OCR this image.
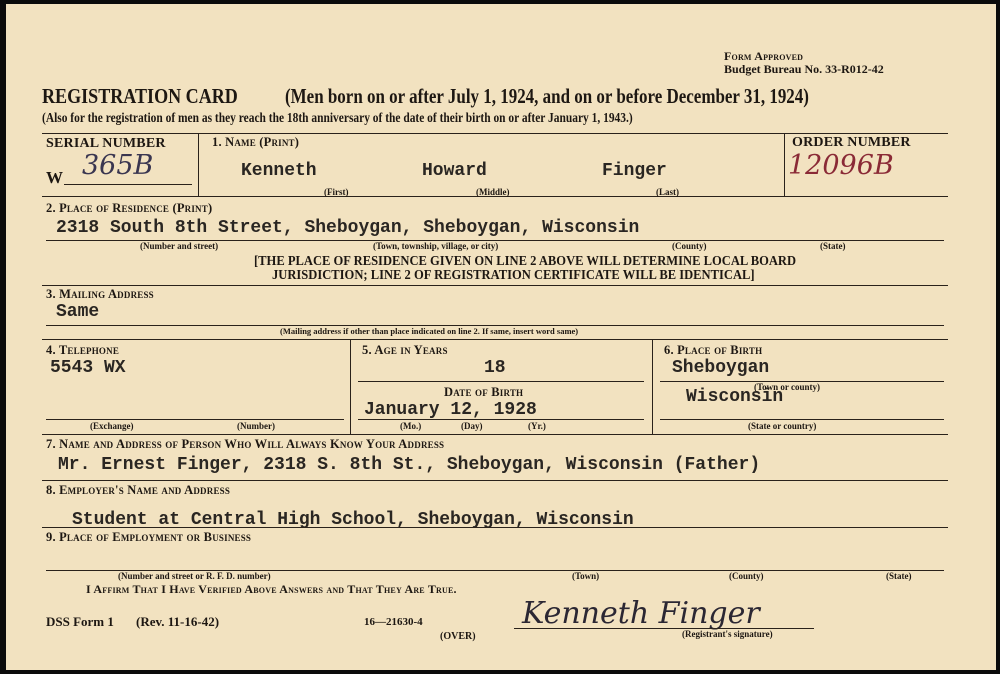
Form Approved
Budget Bureau No. 33-R012-42
REGISTRATION CARD (Men born on or after July 1, 1924, and on or before December 31, 1924)
(Also for the registration of men as they reach the 18th anniversary of the date of their birth on or after January 1, 1943.)
SERIAL NUMBER
W 365B
1. Name (Print)
Kenneth	Howard	Finger
(First)	(Middle)	(Last)
ORDER NUMBER
12096B
2. Place of Residence (Print)
2318 South 8th Street, Sheboygan, Sheboygan, Wisconsin
(Number and street)	(Town, township, village, or city)	(County)	(State)
[THE PLACE OF RESIDENCE GIVEN ON LINE 2 ABOVE WILL DETERMINE LOCAL BOARD
JURISDICTION; LINE 2 OF REGISTRATION CERTIFICATE WILL BE IDENTICAL]
3. Mailing Address
Same
(Mailing address if other than place indicated on line 2. If same, insert word same)
4. Telephone
5543 WX
(Exchange)	(Number)
5. Age in Years
18
Date of Birth
January 12, 1928
(Mo.)	(Day)	(Yr.)
6. Place of Birth
Sheboygan
(Town or county)
Wisconsin
(State or country)
7. Name and Address of Person Who Will Always Know Your Address
Mr. Ernest Finger, 2318 S. 8th St., Sheboygan, Wisconsin (Father)
8. Employer's Name and Address
Student at Central High School, Sheboygan, Wisconsin
9. Place of Employment or Business
(Number and street or R. F. D. number)	(Town)	(County)	(State)
I Affirm That I Have Verified Above Answers and That They Are True.
DSS Form 1 (Rev. 11-16-42)	16—21630-4
(OVER)
Kenneth Finger
(Registrant's signature)
